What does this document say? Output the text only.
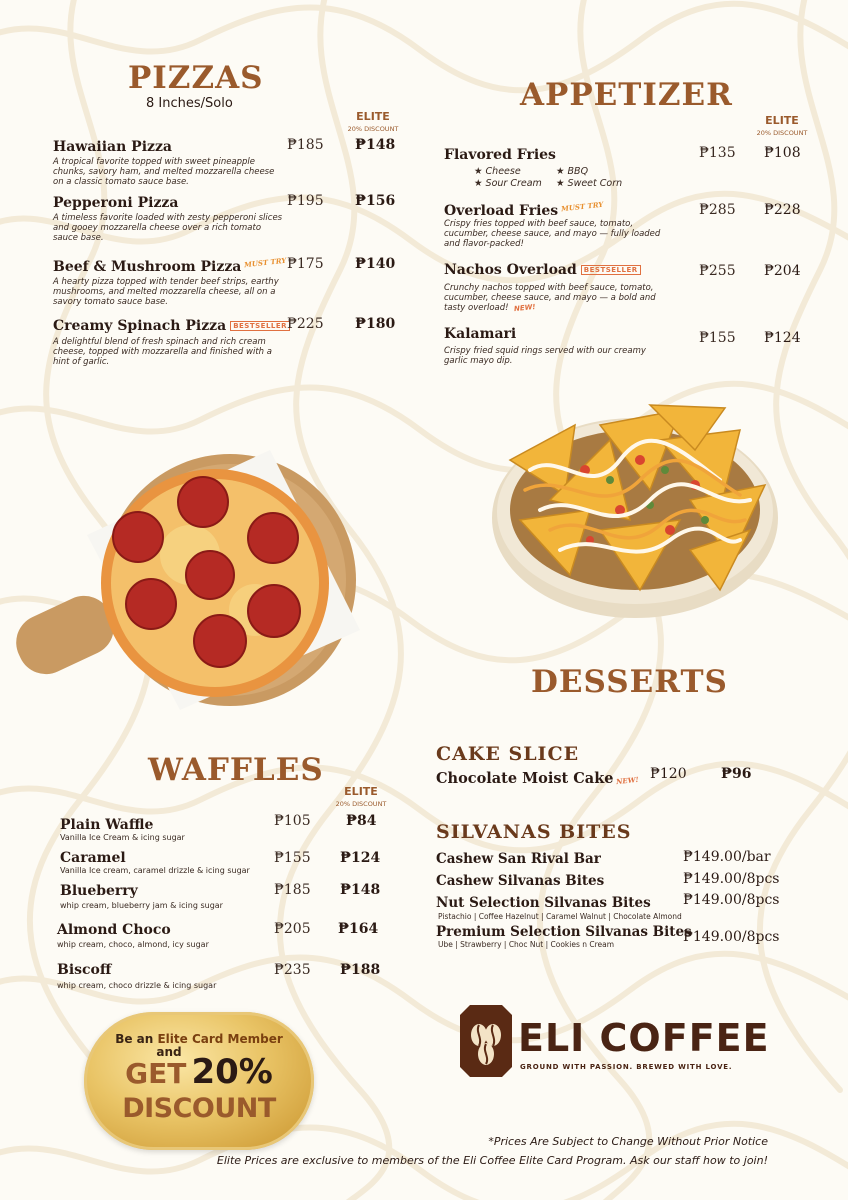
PIZZAS
8 Inches/Solo
ELITE
20% DISCOUNT
Hawaiian Pizza
A tropical favorite topped with sweet pineapple chunks, savory ham, and melted mozzarella cheese on a classic tomato sauce base.
₱185 ₱148
Pepperoni Pizza
A timeless favorite loaded with zesty pepperoni slices and gooey mozzarella cheese over a rich tomato sauce base.
₱195 ₱156
Beef & Mushroom Pizza MUST TRY
A hearty pizza topped with tender beef strips, earthy mushrooms, and melted mozzarella cheese, all on a savory tomato sauce base.
₱175 ₱140
Creamy Spinach Pizza BESTSELLER
A delightful blend of fresh spinach and rich cream cheese, topped with mozzarella and finished with a hint of garlic.
₱225 ₱180
APPETIZER
ELITE
20% DISCOUNT
Flavored Fries
★ Cheese	★ BBQ
★ Sour Cream	★ Sweet Corn
₱135 ₱108
Overload Fries MUST TRY
Crispy fries topped with beef sauce, tomato, cucumber, cheese sauce, and mayo — fully loaded and flavor-packed!
₱285 ₱228
Nachos Overload BESTSELLER
Crunchy nachos topped with beef sauce, tomato, cucumber, cheese sauce, and mayo — a bold and tasty overload! NEW!
₱255 ₱204
Kalamari
Crispy fried squid rings served with our creamy garlic mayo dip.
₱155 ₱124
DESSERTS
CAKE SLICE
Chocolate Moist Cake NEW! ₱120 ₱96
SILVANAS BITES
Cashew San Rival Bar	₱149.00/bar
Cashew Silvanas Bites	₱149.00/8pcs
Nut Selection Silvanas Bites
Pistachio | Coffee Hazelnut | Caramel Walnut | Chocolate Almond
₱149.00/8pcs
Premium Selection Silvanas Bites
Ube | Strawberry | Choc Nut | Cookies n Cream	₱149.00/8pcs
WAFFLES
ELITE
20% DISCOUNT
Plain Waffle
Vanilla Ice Cream & icing sugar
₱105	₱84
Caramel
Vanilla Ice cream, caramel drizzle & icing sugar
₱155 ₱124
Blueberry
whip cream, blueberry jam & icing sugar
₱185 ₱148
Almond Choco
whip cream, choco, almond, icy sugar
₱205 ₱164
Biscoff
whip cream, choco drizzle & icing sugar
₱235 ₱188
Be an Elite Card Member
and
GET 20%
DISCOUNT
ELI COFFEE
GROUND WITH PASSION. BREWED WITH LOVE.
*Prices Are Subject to Change Without Prior Notice
Elite Prices are exclusive to members of the Eli Coffee Elite Card Program. Ask our staff how to join!
